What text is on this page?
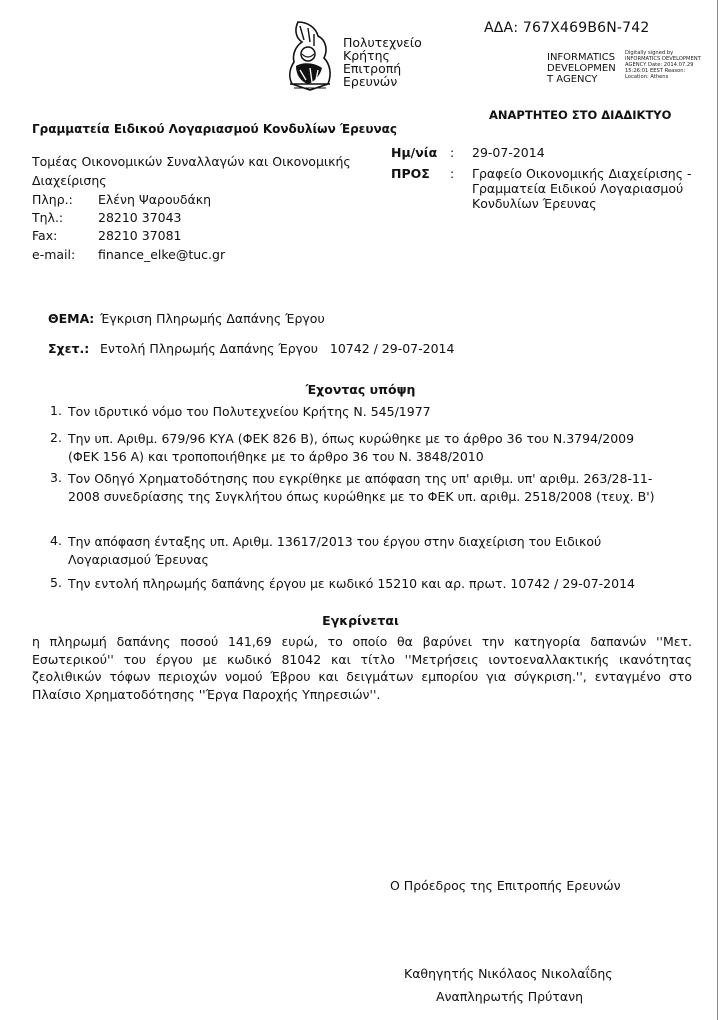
Πολυτεχνείο
Κρήτης
Επιτροπή
Ερευνών
ΑΔΑ: 767Χ469Β6Ν-742
INFORMATICS DEVELOPMEN T AGENCY
Digitally signed by INFORMATICS DEVELOPMENT AGENCY Date: 2014.07.29 15:26:01 EEST Reason: Location: Athens
ΑΝΑΡΤΗΤΕΟ ΣΤΟ ΔΙΑΔΙΚΤΥΟ
Γραμματεία Ειδικού Λογαριασμού Κονδυλίων Έρευνας
Τομέας Οικονομικών Συναλλαγών και Οικονομικής Διαχείρισης
Πληρ.: Ελένη Ψαρουδάκη
Τηλ.:	28210 37043
Fax:	28210 37081
e-mail: finance_elke@tuc.gr
Ημ/νία : 29-07-2014
ΠΡΟΣ : Γραφείο Οικονομικής Διαχείρισης - Γραμματεία Ειδικού Λογαριασμού Κονδυλίων Έρευνας
ΘΕΜΑ: Έγκριση Πληρωμής Δαπάνης Έργου
Σχετ.: Εντολή Πληρωμής Δαπάνης Έργου   10742 / 29-07-2014
Έχοντας υπόψη
1. Τον ιδρυτικό νόμο του Πολυτεχνείου Κρήτης Ν. 545/1977
2. Την υπ. Αριθμ. 679/96 ΚΥΑ (ΦΕΚ 826 Β), όπως κυρώθηκε με το άρθρο 36 του Ν.3794/2009 (ΦΕΚ 156 Α) και τροποποιήθηκε με το άρθρο 36 του Ν. 3848/2010
3. Τον Οδηγό Χρηματοδότησης που εγκρίθηκε με απόφαση της υπ' αριθμ. υπ' αριθμ. 263/28-11-2008 συνεδρίασης της Συγκλήτου όπως κυρώθηκε με το ΦΕΚ υπ. αριθμ. 2518/2008 (τευχ. Β')
4. Την απόφαση ένταξης υπ. Αριθμ. 13617/2013 του έργου στην διαχείριση του Ειδικού Λογαριασμού Έρευνας
5. Την εντολή πληρωμής δαπάνης έργου με κωδικό 15210 και αρ. πρωτ. 10742 / 29-07-2014
Εγκρίνεται
η πληρωμή δαπάνης ποσού 141,69 ευρώ, το οποίο θα βαρύνει την κατηγορία δαπανών ''Μετ. Εσωτερικού'' του έργου με κωδικό 81042 και τίτλο ''Μετρήσεις ιοντοεναλλακτικής ικανότητας ζεολιθικών τόφων περιοχών νομού Έβρου και δειγμάτων εμπορίου για σύγκριση.'', ενταγμένο στο Πλαίσιο Χρηματοδότησης ''Έργα Παροχής Υπηρεσιών''.
Ο Πρόεδρος της Επιτροπής Ερευνών
Καθηγητής Νικόλαος Νικολαΐδης
Αναπληρωτής Πρύτανη
